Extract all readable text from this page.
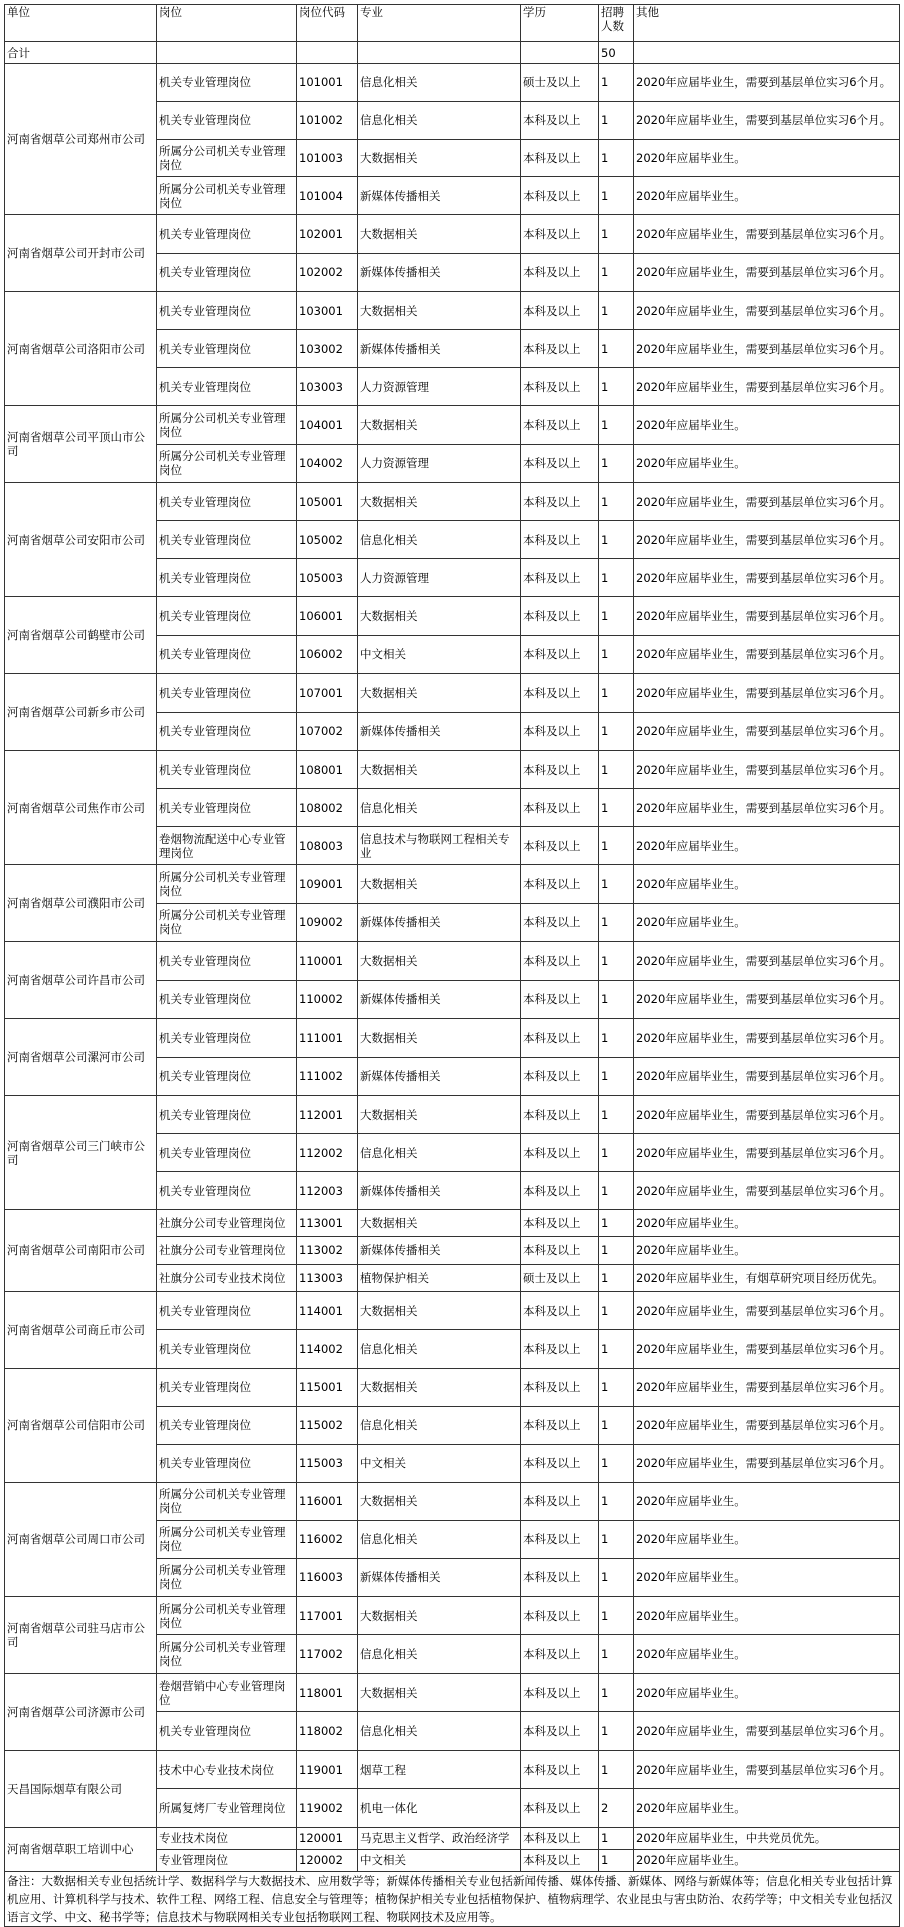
单位	岗位	岗位代码	专业	学历	招聘人数	其他
合计					50	
河南省烟草公司郑州市公司	机关专业管理岗位	101001	信息化相关	硕士及以上	1	2020年应届毕业生，需要到基层单位实习6个月。
	机关专业管理岗位	101002	信息化相关	本科及以上	1	2020年应届毕业生，需要到基层单位实习6个月。
	所属分公司机关专业管理岗位	101003	大数据相关	本科及以上	1	2020年应届毕业生。
	所属分公司机关专业管理岗位	101004	新媒体传播相关	本科及以上	1	2020年应届毕业生。
河南省烟草公司开封市公司	机关专业管理岗位	102001	大数据相关	本科及以上	1	2020年应届毕业生，需要到基层单位实习6个月。
	机关专业管理岗位	102002	新媒体传播相关	本科及以上	1	2020年应届毕业生，需要到基层单位实习6个月。
河南省烟草公司洛阳市公司	机关专业管理岗位	103001	大数据相关	本科及以上	1	2020年应届毕业生，需要到基层单位实习6个月。
	机关专业管理岗位	103002	新媒体传播相关	本科及以上	1	2020年应届毕业生，需要到基层单位实习6个月。
	机关专业管理岗位	103003	人力资源管理	本科及以上	1	2020年应届毕业生，需要到基层单位实习6个月。
河南省烟草公司平顶山市公司	所属分公司机关专业管理岗位	104001	大数据相关	本科及以上	1	2020年应届毕业生。
	所属分公司机关专业管理岗位	104002	人力资源管理	本科及以上	1	2020年应届毕业生。
河南省烟草公司安阳市公司	机关专业管理岗位	105001	大数据相关	本科及以上	1	2020年应届毕业生，需要到基层单位实习6个月。
	机关专业管理岗位	105002	信息化相关	本科及以上	1	2020年应届毕业生，需要到基层单位实习6个月。
	机关专业管理岗位	105003	人力资源管理	本科及以上	1	2020年应届毕业生，需要到基层单位实习6个月。
河南省烟草公司鹤壁市公司	机关专业管理岗位	106001	大数据相关	本科及以上	1	2020年应届毕业生，需要到基层单位实习6个月。
	机关专业管理岗位	106002	中文相关	本科及以上	1	2020年应届毕业生，需要到基层单位实习6个月。
河南省烟草公司新乡市公司	机关专业管理岗位	107001	大数据相关	本科及以上	1	2020年应届毕业生，需要到基层单位实习6个月。
	机关专业管理岗位	107002	新媒体传播相关	本科及以上	1	2020年应届毕业生，需要到基层单位实习6个月。
河南省烟草公司焦作市公司	机关专业管理岗位	108001	大数据相关	本科及以上	1	2020年应届毕业生，需要到基层单位实习6个月。
	机关专业管理岗位	108002	信息化相关	本科及以上	1	2020年应届毕业生，需要到基层单位实习6个月。
	卷烟物流配送中心专业管理岗位	108003	信息技术与物联网工程相关专业	本科及以上	1	2020年应届毕业生。
河南省烟草公司濮阳市公司	所属分公司机关专业管理岗位	109001	大数据相关	本科及以上	1	2020年应届毕业生。
	所属分公司机关专业管理岗位	109002	新媒体传播相关	本科及以上	1	2020年应届毕业生。
河南省烟草公司许昌市公司	机关专业管理岗位	110001	大数据相关	本科及以上	1	2020年应届毕业生，需要到基层单位实习6个月。
	机关专业管理岗位	110002	新媒体传播相关	本科及以上	1	2020年应届毕业生，需要到基层单位实习6个月。
河南省烟草公司漯河市公司	机关专业管理岗位	111001	大数据相关	本科及以上	1	2020年应届毕业生，需要到基层单位实习6个月。
	机关专业管理岗位	111002	新媒体传播相关	本科及以上	1	2020年应届毕业生，需要到基层单位实习6个月。
河南省烟草公司三门峡市公司	机关专业管理岗位	112001	大数据相关	本科及以上	1	2020年应届毕业生，需要到基层单位实习6个月。
	机关专业管理岗位	112002	信息化相关	本科及以上	1	2020年应届毕业生，需要到基层单位实习6个月。
	机关专业管理岗位	112003	新媒体传播相关	本科及以上	1	2020年应届毕业生，需要到基层单位实习6个月。
河南省烟草公司南阳市公司	社旗分公司专业管理岗位	113001	大数据相关	本科及以上	1	2020年应届毕业生。
	社旗分公司专业管理岗位	113002	新媒体传播相关	本科及以上	1	2020年应届毕业生。
	社旗分公司专业技术岗位	113003	植物保护相关	硕士及以上	1	2020年应届毕业生，有烟草研究项目经历优先。
河南省烟草公司商丘市公司	机关专业管理岗位	114001	大数据相关	本科及以上	1	2020年应届毕业生，需要到基层单位实习6个月。
	机关专业管理岗位	114002	信息化相关	本科及以上	1	2020年应届毕业生，需要到基层单位实习6个月。
河南省烟草公司信阳市公司	机关专业管理岗位	115001	大数据相关	本科及以上	1	2020年应届毕业生，需要到基层单位实习6个月。
	机关专业管理岗位	115002	信息化相关	本科及以上	1	2020年应届毕业生，需要到基层单位实习6个月。
	机关专业管理岗位	115003	中文相关	本科及以上	1	2020年应届毕业生，需要到基层单位实习6个月。
河南省烟草公司周口市公司	所属分公司机关专业管理岗位	116001	大数据相关	本科及以上	1	2020年应届毕业生。
	所属分公司机关专业管理岗位	116002	信息化相关	本科及以上	1	2020年应届毕业生。
	所属分公司机关专业管理岗位	116003	新媒体传播相关	本科及以上	1	2020年应届毕业生。
河南省烟草公司驻马店市公司	所属分公司机关专业管理岗位	117001	大数据相关	本科及以上	1	2020年应届毕业生。
	所属分公司机关专业管理岗位	117002	信息化相关	本科及以上	1	2020年应届毕业生。
河南省烟草公司济源市公司	卷烟营销中心专业管理岗位	118001	大数据相关	本科及以上	1	2020年应届毕业生。
	机关专业管理岗位	118002	信息化相关	本科及以上	1	2020年应届毕业生，需要到基层单位实习6个月。
天昌国际烟草有限公司	技术中心专业技术岗位	119001	烟草工程	本科及以上	1	2020年应届毕业生，需要到基层单位实习6个月。
	所属复烤厂专业管理岗位	119002	机电一体化	本科及以上	2	2020年应届毕业生。
河南省烟草职工培训中心	专业技术岗位	120001	马克思主义哲学、政治经济学	本科及以上	1	2020年应届毕业生，中共党员优先。
	专业管理岗位	120002	中文相关	本科及以上	1	2020年应届毕业生。
备注：大数据相关专业包括统计学、数据科学与大数据技术、应用数学等；新媒体传播相关专业包括新闻传播、媒体传播、新媒体、网络与新媒体等；信息化相关专业包括计算机应用、计算机科学与技术、软件工程、网络工程、信息安全与管理等；植物保护相关专业包括植物保护、植物病理学、农业昆虫与害虫防治、农药学等；中文相关专业包括汉语言文学、中文、秘书学等；信息技术与物联网相关专业包括物联网工程、物联网技术及应用等。						
